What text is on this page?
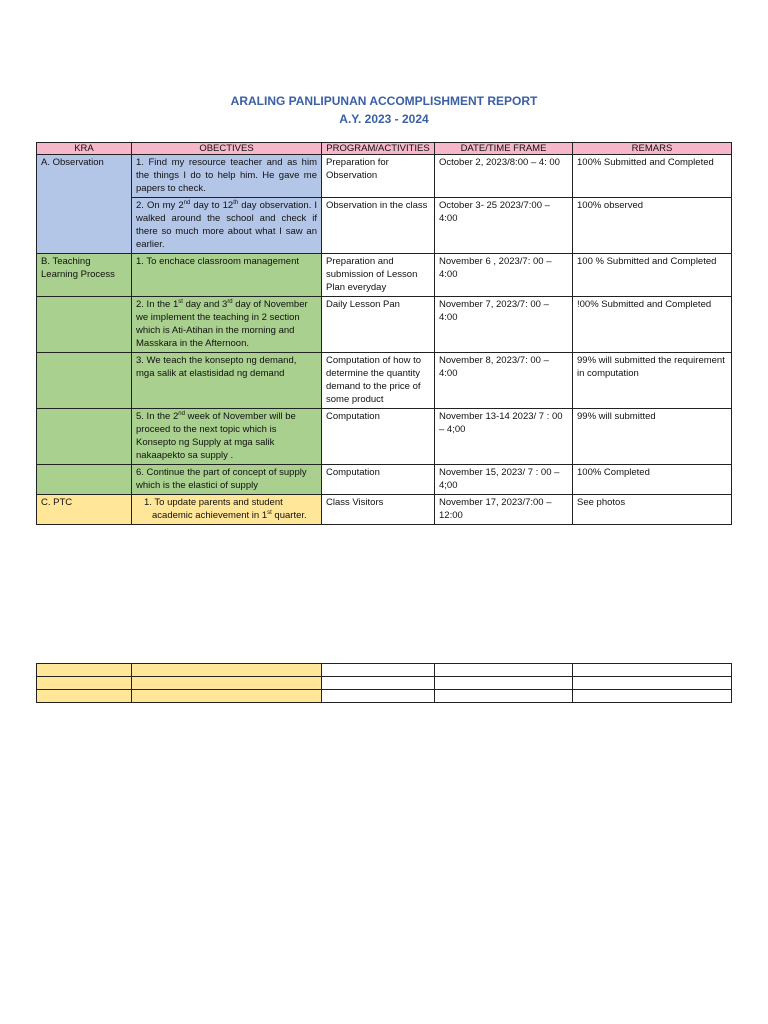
ARALING PANLIPUNAN ACCOMPLISHMENT REPORT
A.Y. 2023 - 2024
KRA	OBECTIVES	PROGRAM/ACTIVITIES	DATE/TIME FRAME	REMARS
A. Observation	1. Find my resource teacher and as him the things I do to help him. He gave me papers to check.	Preparation for Observation	October 2, 2023/8:00 – 4: 00	100% Submitted and Completed
	2. On my 2nd day to 12th day observation. I walked around the school and check if there so much more about what I saw an earlier.	Observation in the class	October 3- 25 2023/7:00 – 4:00	100% observed
B. Teaching Learning Process	1. To enchace classroom management	Preparation and submission of Lesson Plan everyday	November 6 , 2023/7: 00 – 4:00	100 % Submitted and Completed
	2. In the 1st day and 3rd day of November we implement the teaching in 2 section which is Ati-Atihan in the morning and Masskara in the Afternoon.	Daily Lesson Pan	November 7, 2023/7: 00 – 4:00	!00% Submitted and Completed
	3. We teach the konsepto ng demand, mga salik at elastisidad ng demand	Computation of how to determine the quantity demand to the price of some product	November 8, 2023/7: 00 – 4:00	99% will submitted the requirement in computation
	5. In the 2nd week of November will be proceed to the next topic which is Konsepto ng Supply at mga salik nakaapekto sa supply .	Computation	November 13-14 2023/ 7 : 00 – 4;00	99% will submitted
	6. Continue the part of concept of supply which is the elastici of supply	Computation	November 15, 2023/ 7 : 00 – 4;00	100% Completed
C. PTC	1. To update parents and student academic achievement in 1st quarter.	Class Visitors	November 17, 2023/7:00 – 12:00	See photos
